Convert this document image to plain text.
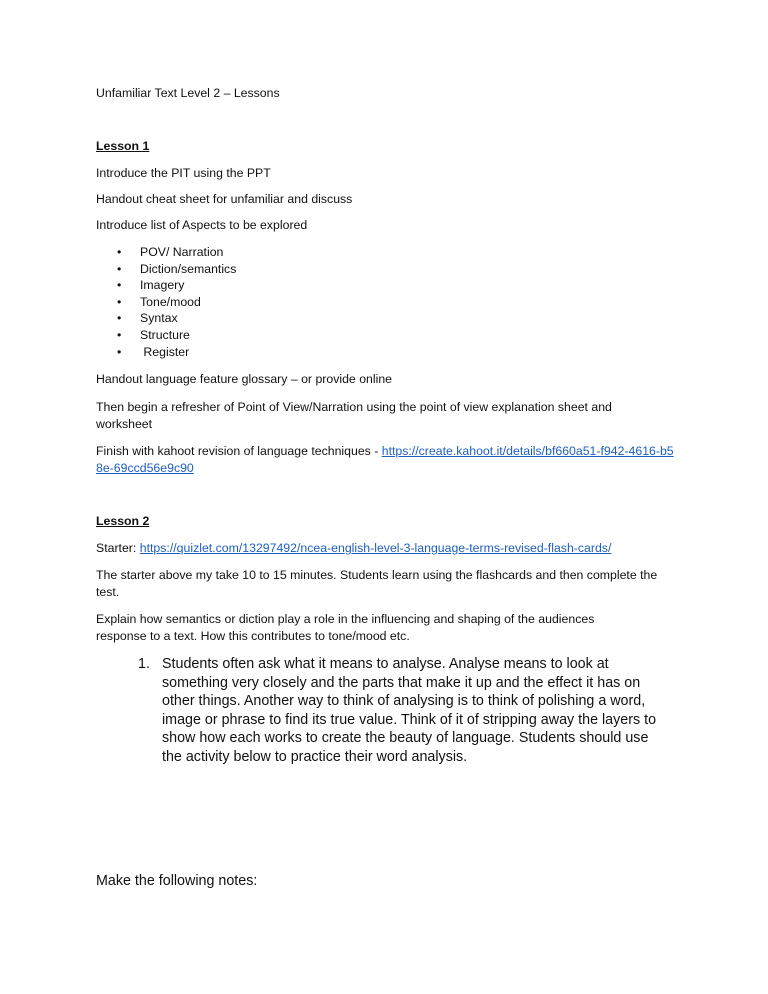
Unfamiliar Text Level 2 – Lessons
Lesson 1
Introduce the PIT using the PPT
Handout cheat sheet for unfamiliar and discuss
Introduce list of Aspects to be explored
• POV/ Narration
• Diction/semantics
• Imagery
• Tone/mood
• Syntax
• Structure
• Register
Handout language feature glossary – or provide online
Then begin a refresher of Point of View/Narration using the point of view explanation sheet and worksheet
Finish with kahoot revision of language techniques - https://create.kahoot.it/details/bf660a51-f942-4616-b58e-69ccd56e9c90
Lesson 2
Starter: https://quizlet.com/13297492/ncea-english-level-3-language-terms-revised-flash-cards/
The starter above my take 10 to 15 minutes. Students learn using the flashcards and then complete the test.
Explain how semantics or diction play a role in the influencing and shaping of the audiences response to a text. How this contributes to tone/mood etc.
1. Students often ask what it means to analyse. Analyse means to look at something very closely and the parts that make it up and the effect it has on other things. Another way to think of analysing is to think of polishing a word, image or phrase to find its true value. Think of it of stripping away the layers to show how each works to create the beauty of language. Students should use the activity below to practice their word analysis.
Make the following notes:
